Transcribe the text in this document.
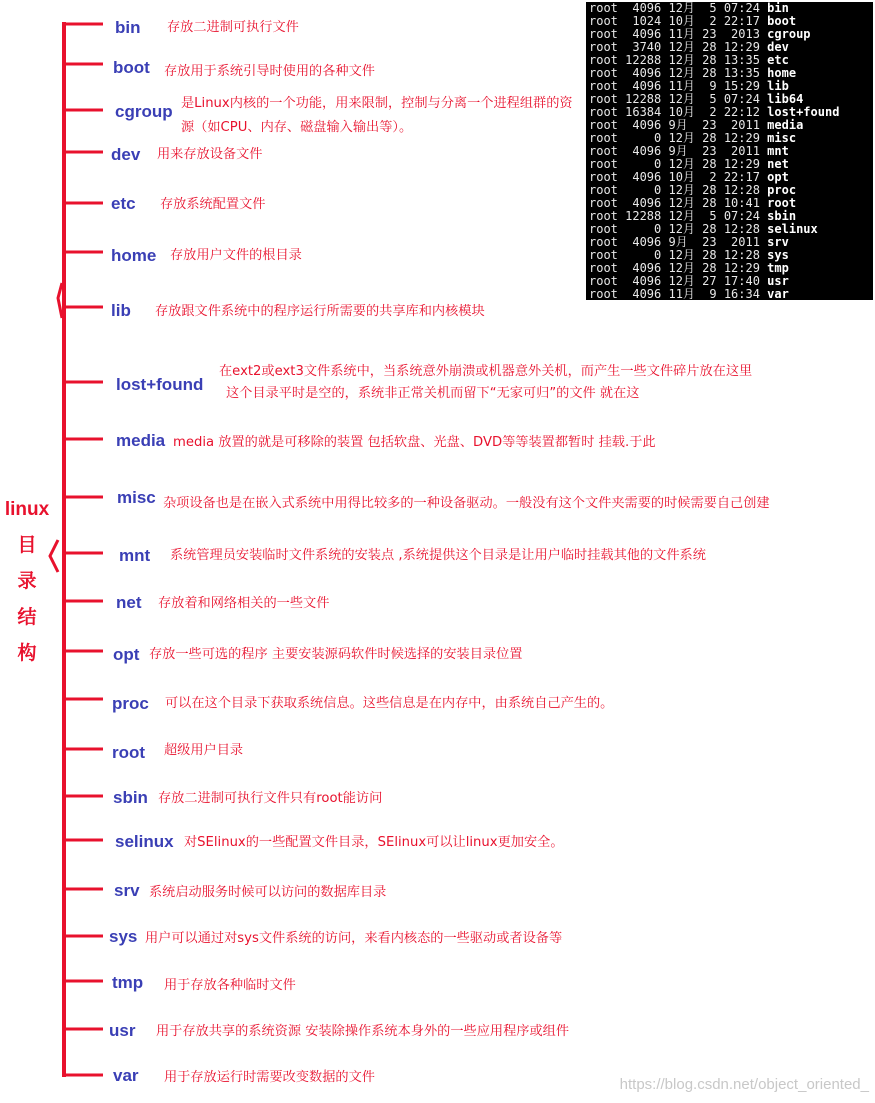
linux
目
录
结
构
bin 存放二进制可执行文件
boot 存放用于系统引导时使用的各种文件
cgroup 是Linux内核的一个功能，用来限制，控制与分离一个进程组群的资源（如CPU、内存、磁盘输入输出等）。
dev 用来存放设备文件
etc 存放系统配置文件
home 存放用户文件的根目录
lib 存放跟文件系统中的程序运行所需要的共享库和内核模块
lost+found
在ext2或ext3文件系统中，当系统意外崩溃或机器意外关机，而产生一些文件碎片放在这里
这个目录平时是空的，系统非正常关机而留下“无家可归”的文件 就在这
media media 放置的就是可移除的装置 包括软盘、光盘、DVD等等装置都暂时 挂载.于此
misc 杂项设备也是在嵌入式系统中用得比较多的一种设备驱动。一般没有这个文件夹需要的时候需要自己创建
mnt 系统管理员安装临时文件系统的安装点 ,系统提供这个目录是让用户临时挂载其他的文件系统
net 存放着和网络相关的一些文件
opt 存放一些可选的程序 主要安装源码软件时候选择的安装目录位置
proc 可以在这个目录下获取系统信息。这些信息是在内存中，由系统自己产生的。
root 超级用户目录
sbin 存放二进制可执行文件只有root能访问
selinux 对SElinux的一些配置文件目录，SElinux可以让linux更加安全。
srv 系统启动服务时候可以访问的数据库目录
sys 用户可以通过对sys文件系统的访问，来看内核态的一些驱动或者设备等
tmp 用于存放各种临时文件
usr 用于存放共享的系统资源 安装除操作系统本身外的一些应用程序或组件
var 用于存放运行时需要改变数据的文件
root  4096 12月  5 07:24 bin
root  1024 10月  2 22:17 boot
root  4096 11月 23  2013 cgroup
root  3740 12月 28 12:29 dev
root 12288 12月 28 13:35 etc
root  4096 12月 28 13:35 home
root  4096 11月  9 15:29 lib
root 12288 12月  5 07:24 lib64
root 16384 10月  2 22:12 lost+found
root  4096 9月  23  2011 media
root     0 12月 28 12:29 misc
root  4096 9月  23  2011 mnt
root     0 12月 28 12:29 net
root  4096 10月  2 22:17 opt
root     0 12月 28 12:28 proc
root  4096 12月 28 10:41 root
root 12288 12月  5 07:24 sbin
root     0 12月 28 12:28 selinux
root  4096 9月  23  2011 srv
root     0 12月 28 12:28 sys
root  4096 12月 28 12:29 tmp
root  4096 12月 27 17:40 usr
root  4096 11月  9 16:34 var
https://blog.csdn.net/object_oriented_
